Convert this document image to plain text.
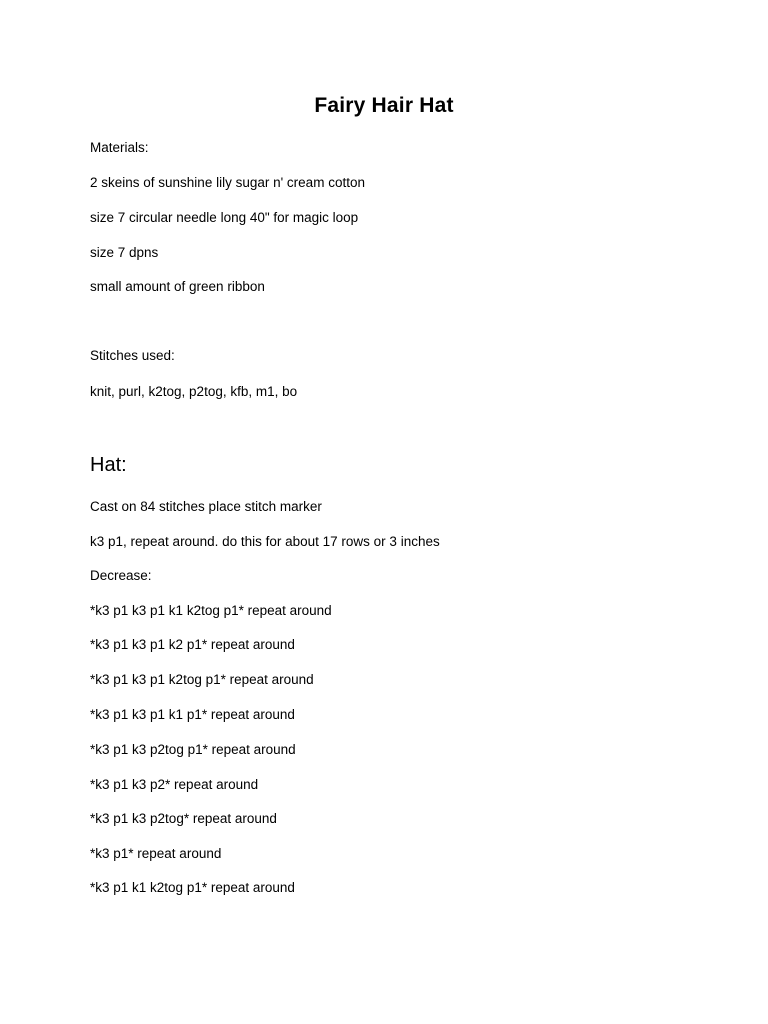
Fairy Hair Hat
Materials:
2 skeins of sunshine lily sugar n' cream cotton
size 7 circular needle long 40" for magic loop
size 7 dpns
small amount of green ribbon
Stitches used:
knit, purl, k2tog, p2tog, kfb, m1, bo
Hat:
Cast on 84 stitches place stitch marker
k3 p1, repeat around. do this for about 17 rows or 3 inches
Decrease:
*k3 p1 k3 p1 k1 k2tog p1* repeat around
*k3 p1 k3 p1 k2 p1* repeat around
*k3 p1 k3 p1 k2tog p1* repeat around
*k3 p1 k3 p1 k1 p1* repeat around
*k3 p1 k3 p2tog p1* repeat around
*k3 p1 k3 p2* repeat around
*k3 p1 k3 p2tog* repeat around
*k3 p1* repeat around
*k3 p1 k1 k2tog p1* repeat around
